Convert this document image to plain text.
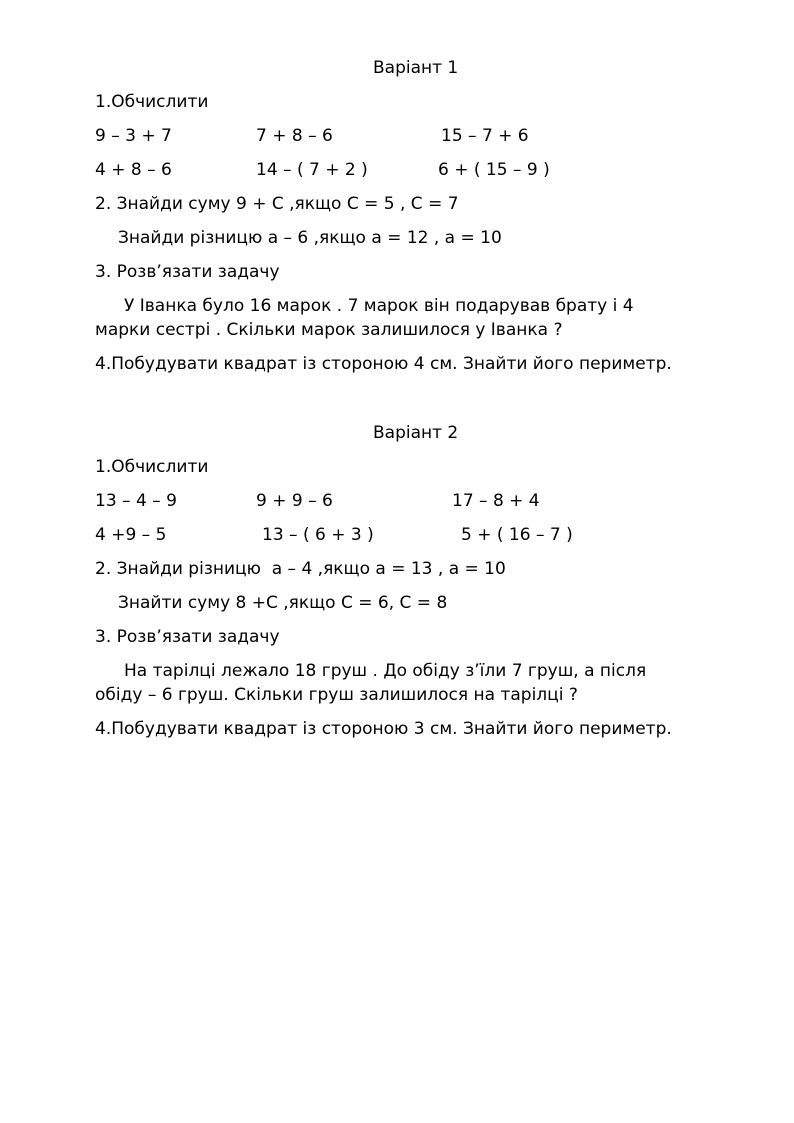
Варіант 1
1.Обчислити
9 – 3 + 7	7 + 8 – 6	15 – 7 + 6
4 + 8 – 6	14 – ( 7 + 2 )	6 + ( 15 – 9 )
2. Знайди суму 9 + С ,якщо С = 5 , С = 7
Знайди різницю а – 6 ,якщо а = 12 , а = 10
3. Розв’язати задачу
У Іванка було 16 марок . 7 марок він подарував брату і 4
марки сестрі . Скільки марок залишилося у Іванка ?
4.Побудувати квадрат із стороною 4 см. Знайти його периметр.
Варіант 2
1.Обчислити
13 – 4 – 9	9 + 9 – 6	17 – 8 + 4
4 +9 – 5	13 – ( 6 + 3 )	5 + ( 16 – 7 )
2. Знайди різницю  а – 4 ,якщо а = 13 , а = 10
Знайти суму 8 +С ,якщо С = 6, С = 8
3. Розв’язати задачу
На тарілці лежало 18 груш . До обіду з’їли 7 груш, а після
обіду – 6 груш. Скільки груш залишилося на тарілці ?
4.Побудувати квадрат із стороною 3 см. Знайти його периметр.
